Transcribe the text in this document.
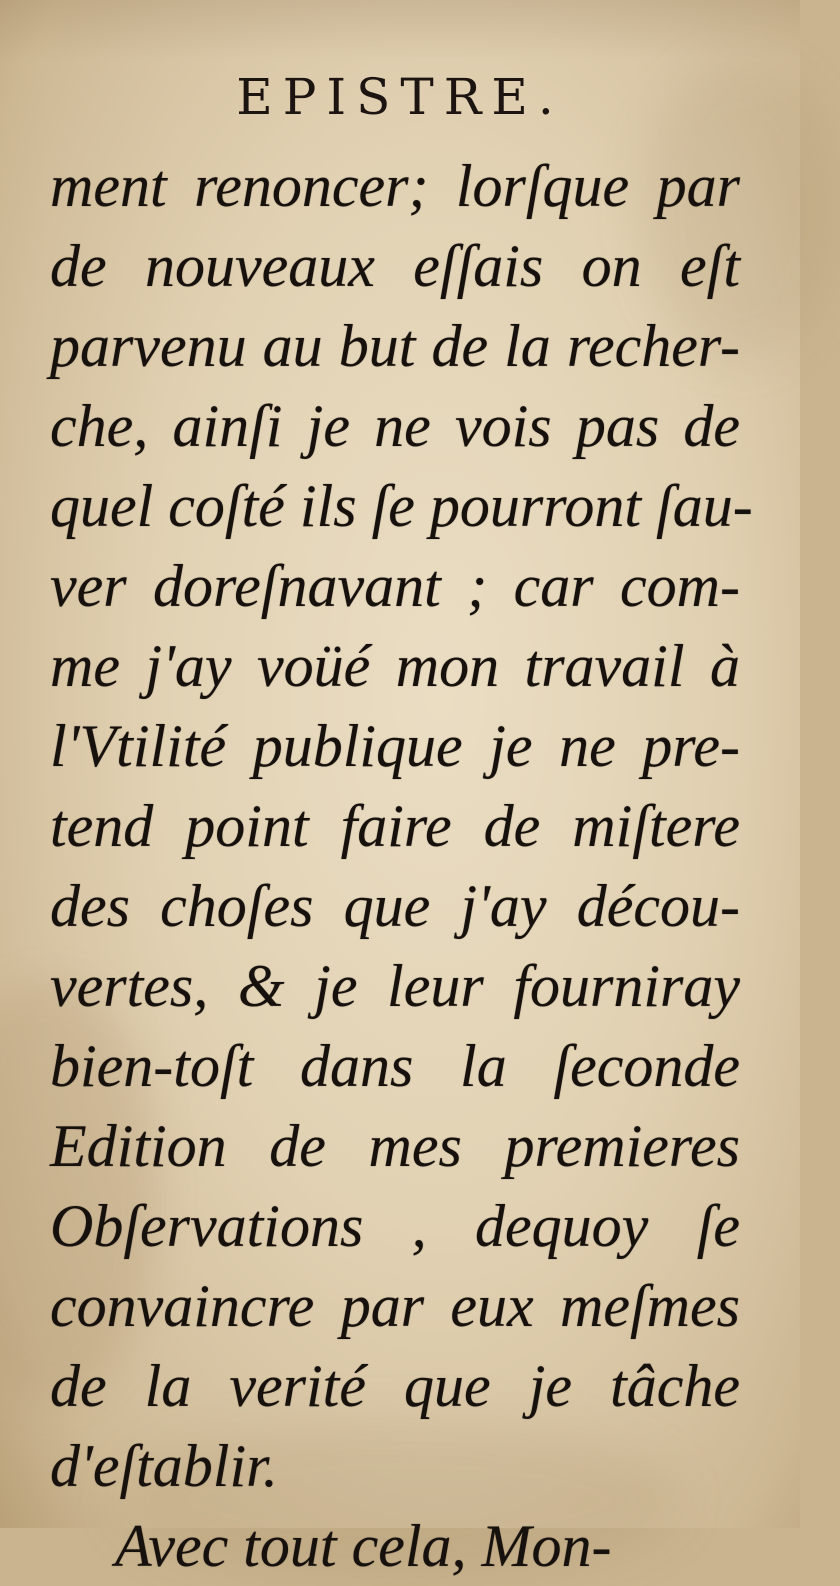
EPISTRE.
ment renoncer; lorſque par
de nouveaux eſſais on eſt
parvenu au but de la recher-
che, ainſi je ne vois pas de
quel coſté ils ſe pourront ſau-
ver doreſnavant ; car com-
me j'ay voüé mon travail à
l'Vtilité publique je ne pre-
tend point faire de miſtere
des choſes que j'ay décou-
vertes, & je leur fourniray
bien-toſt dans la ſeconde
Edition de mes premieres
Obſervations , dequoy ſe
convaincre par eux meſmes
de la verité que je tâche
d'eſtablir.
Avec tout cela, Mon-
